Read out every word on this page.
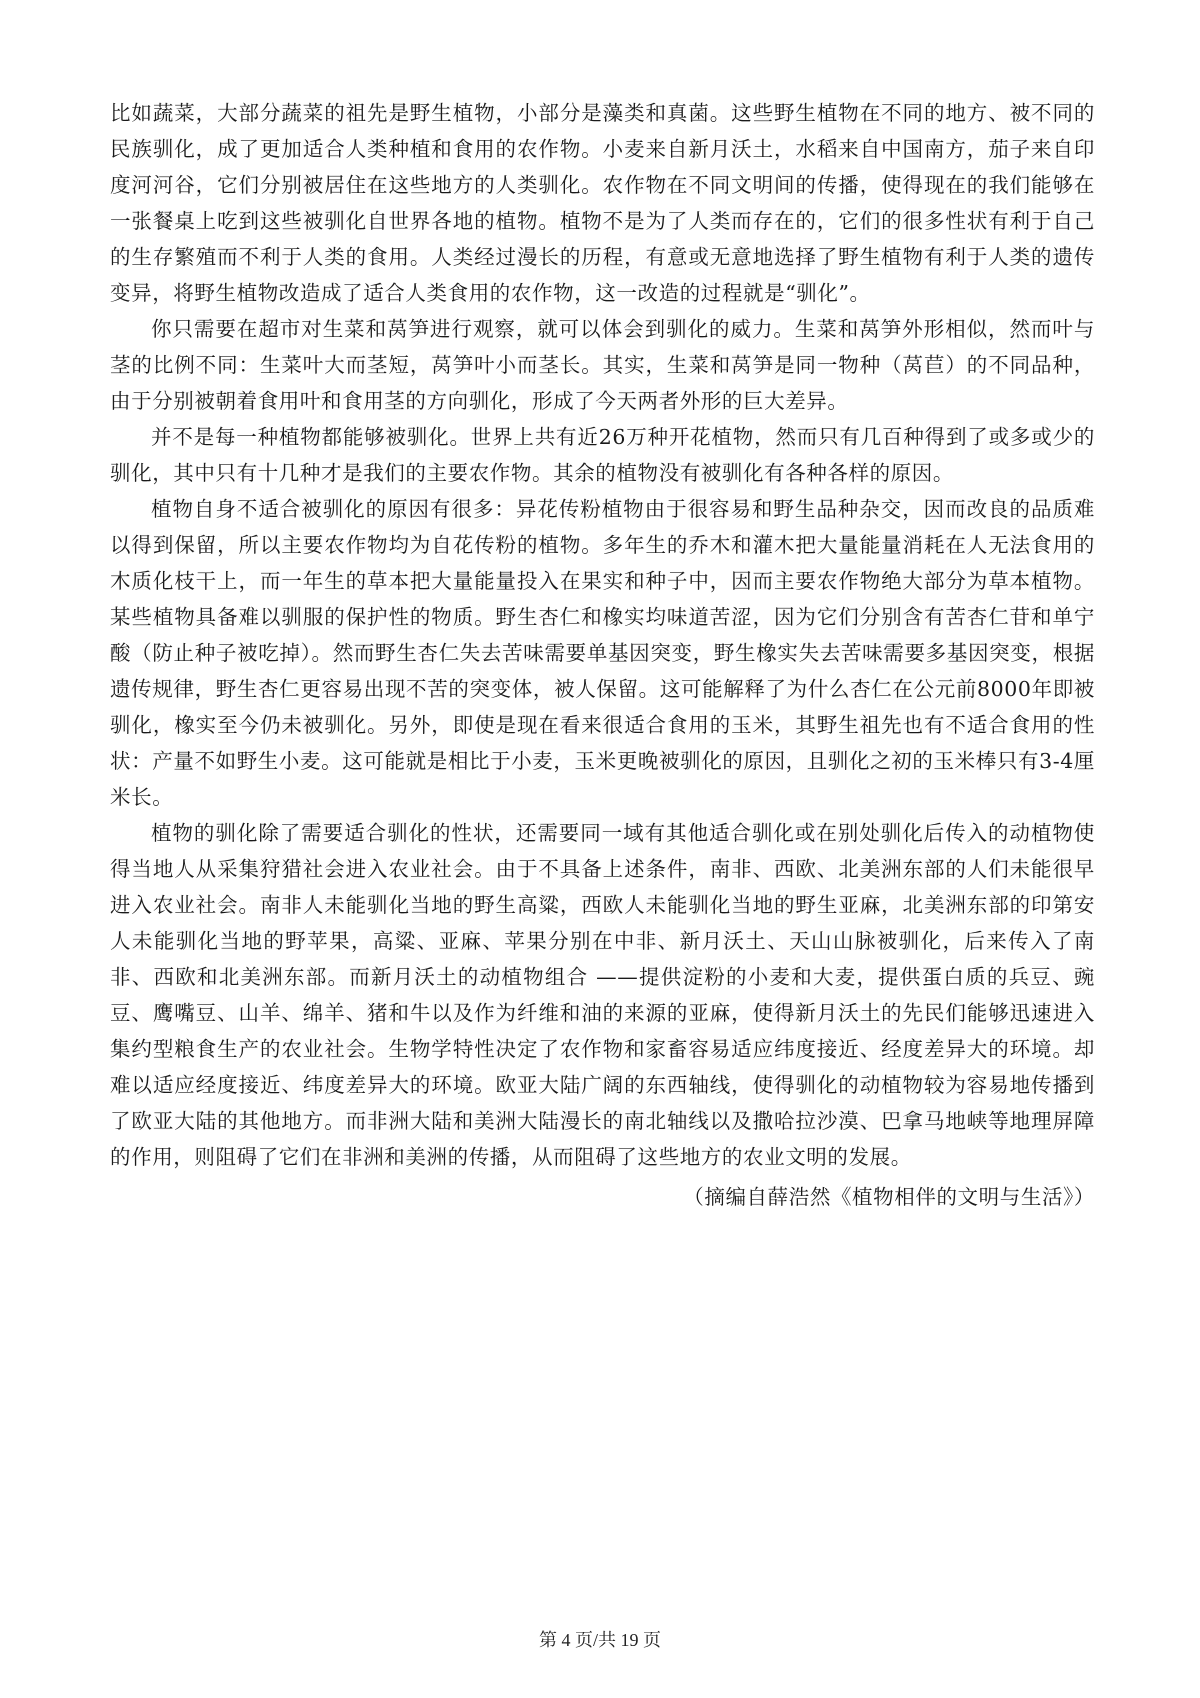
比如蔬菜，大部分蔬菜的祖先是野生植物，小部分是藻类和真菌。这些野生植物在不同的地方、被不同的民族驯化，成了更加适合人类种植和食用的农作物。小麦来自新月沃土，水稻来自中国南方，茄子来自印度河河谷，它们分别被居住在这些地方的人类驯化。农作物在不同文明间的传播，使得现在的我们能够在一张餐桌上吃到这些被驯化自世界各地的植物。植物不是为了人类而存在的，它们的很多性状有利于自己的生存繁殖而不利于人类的食用。人类经过漫长的历程，有意或无意地选择了野生植物有利于人类的遗传变异，将野生植物改造成了适合人类食用的农作物，这一改造的过程就是“驯化”。

你只需要在超市对生菜和莴笋进行观察，就可以体会到驯化的威力。生菜和莴笋外形相似，然而叶与茎的比例不同：生菜叶大而茎短，莴笋叶小而茎长。其实，生菜和莴笋是同一物种（莴苣）的不同品种，由于分别被朝着食用叶和食用茎的方向驯化，形成了今天两者外形的巨大差异。

并不是每一种植物都能够被驯化。世界上共有近26万种开花植物，然而只有几百种得到了或多或少的驯化，其中只有十几种才是我们的主要农作物。其余的植物没有被驯化有各种各样的原因。

植物自身不适合被驯化的原因有很多：异花传粉植物由于很容易和野生品种杂交，因而改良的品质难以得到保留，所以主要农作物均为自花传粉的植物。多年生的乔木和灌木把大量能量消耗在人无法食用的木质化枝干上，而一年生的草本把大量能量投入在果实和种子中，因而主要农作物绝大部分为草本植物。某些植物具备难以驯服的保护性的物质。野生杏仁和橡实均味道苦涩，因为它们分别含有苦杏仁苷和单宁酸（防止种子被吃掉）。然而野生杏仁失去苦味需要单基因突变，野生橡实失去苦味需要多基因突变，根据遗传规律，野生杏仁更容易出现不苦的突变体，被人保留。这可能解释了为什么杏仁在公元前8000年即被驯化，橡实至今仍未被驯化。另外，即使是现在看来很适合食用的玉米，其野生祖先也有不适合食用的性状：产量不如野生小麦。这可能就是相比于小麦，玉米更晚被驯化的原因，且驯化之初的玉米棒只有3-4厘米长。

植物的驯化除了需要适合驯化的性状，还需要同一域有其他适合驯化或在别处驯化后传入的动植物使得当地人从采集狩猎社会进入农业社会。由于不具备上述条件，南非、西欧、北美洲东部的人们未能很早进入农业社会。南非人未能驯化当地的野生高粱，西欧人未能驯化当地的野生亚麻，北美洲东部的印第安人未能驯化当地的野苹果，高粱、亚麻、苹果分别在中非、新月沃土、天山山脉被驯化，后来传入了南非、西欧和北美洲东部。而新月沃土的动植物组合 ——提供淀粉的小麦和大麦，提供蛋白质的兵豆、豌豆、鹰嘴豆、山羊、绵羊、猪和牛以及作为纤维和油的来源的亚麻，使得新月沃土的先民们能够迅速进入集约型粮食生产的农业社会。生物学特性决定了农作物和家畜容易适应纬度接近、经度差异大的环境。却难以适应经度接近、纬度差异大的环境。欧亚大陆广阔的东西轴线，使得驯化的动植物较为容易地传播到了欧亚大陆的其他地方。而非洲大陆和美洲大陆漫长的南北轴线以及撒哈拉沙漠、巴拿马地峡等地理屏障的作用，则阻碍了它们在非洲和美洲的传播，从而阻碍了这些地方的农业文明的发展。

（摘编自薛浩然《植物相伴的文明与生活》）

第 4 页/共 19 页
